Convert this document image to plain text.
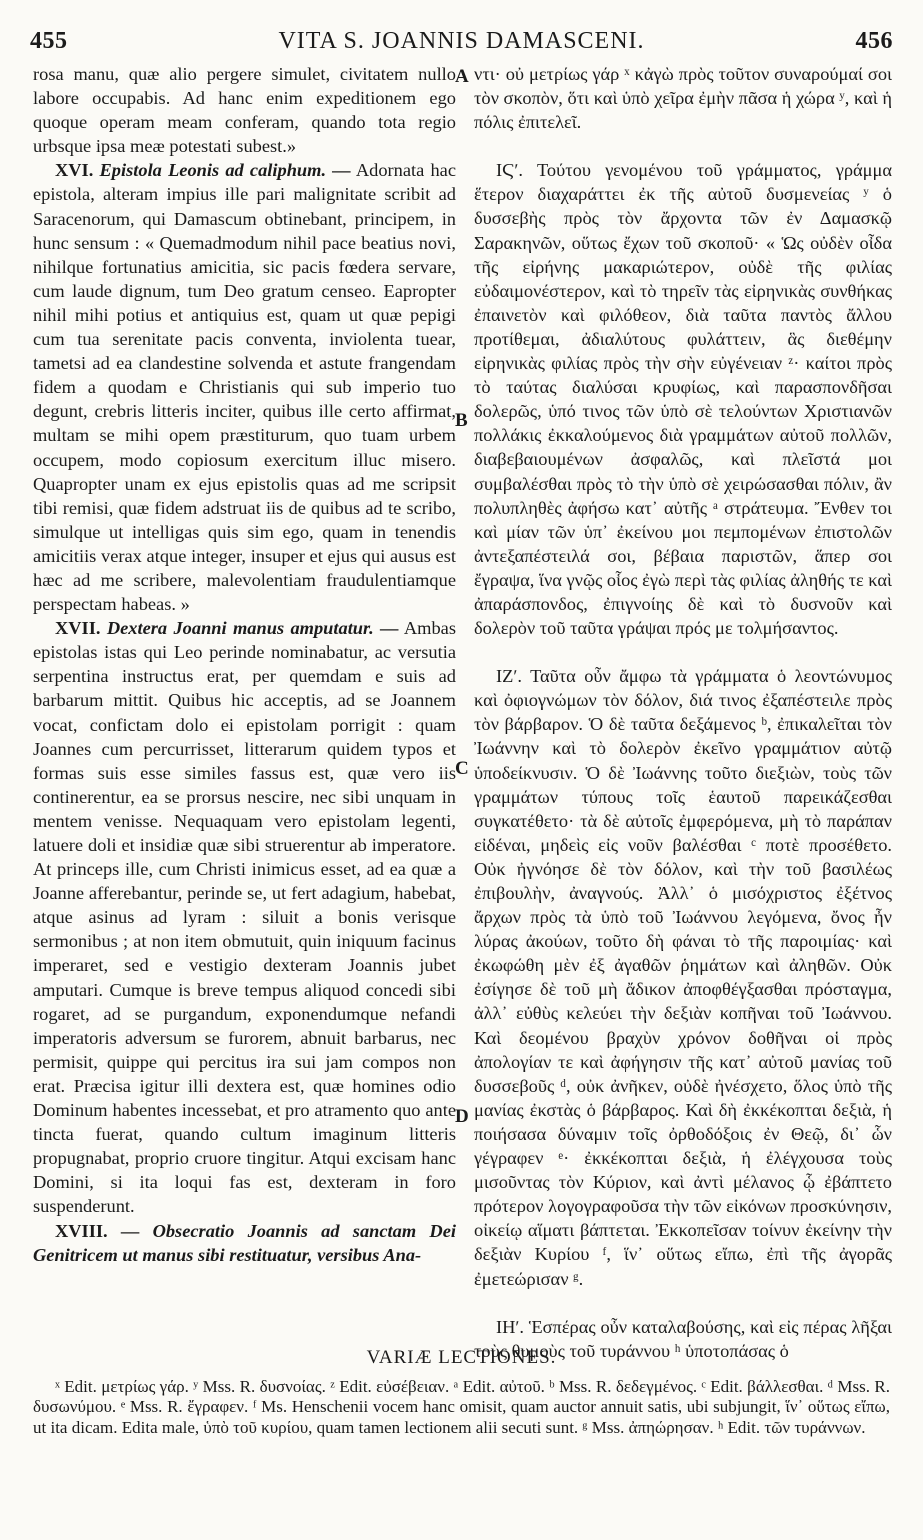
455	VITA S. JOANNIS DAMASCENI.	456

rosa manu, quæ alio pergere simulet, civitatem nullo labore occupabis. Ad hanc enim expeditionem ego quoque operam meam conferam, quando tota regio urbsque ipsa meæ potestati subest.»

XVI. Epistola Leonis ad caliphum. — Adornata hac epistola, alteram impius ille pari malignitate scribit ad Saracenorum, qui Damascum obtinebant, principem, in hunc sensum : « Quemadmodum nihil pace beatius novi, nihilque fortunatius amicitia, sic pacis fœdera servare, cum laude dignum, tum Deo gratum censeo. Eapropter nihil mihi potius et antiquius est, quam ut quæ pepigi cum tua serenitate pacis conventa, inviolenta tuear, tametsi ad ea clandestine solvenda et astute frangendam fidem a quodam e Christianis qui sub imperio tuo degunt, crebris litteris inciter, quibus ille certo affirmat, multam se mihi opem præstiturum, quo tuam urbem occupem, modo copiosum exercitum illuc misero. Quapropter unam ex ejus epistolis quas ad me scripsit tibi remisi, quæ fidem adstruat iis de quibus ad te scribo, simulque ut intelligas quis sim ego, quam in tenendis amicitiis verax atque integer, insuper et ejus qui ausus est hæc ad me scribere, malevolentiam fraudulentiamque perspectam habeas. »

XVII. Dextera Joanni manus amputatur. — Ambas epistolas istas qui Leo perinde nominabatur, ac versutia serpentina instructus erat, per quemdam e suis ad barbarum mittit. Quibus hic acceptis, ad se Joannem vocat, confictam dolo ei epistolam porrigit : quam Joannes cum percurrisset, litterarum quidem typos et formas suis esse similes fassus est, quæ vero iis continerentur, ea se prorsus nescire, nec sibi unquam in mentem venisse. Nequaquam vero epistolam legenti, latuere doli et insidiæ quæ sibi struerentur ab imperatore. At princeps ille, cum Christi inimicus esset, ad ea quæ a Joanne afferebantur, perinde se, ut fert adagium, habebat, atque asinus ad lyram : siluit a bonis verisque sermonibus ; at non item obmutuit, quin iniquum facinus imperaret, sed e vestigio dexteram Joannis jubet amputari. Cumque is breve tempus aliquod concedi sibi rogaret, ad se purgandum, exponendumque nefandi imperatoris adversum se furorem, abnuit barbarus, nec permisit, quippe qui percitus ira sui jam compos non erat. Præcisa igitur illi dextera est, quæ homines odio Dominum habentes incessebat, et pro atramento quo ante tincta fuerat, quando cultum imaginum litteris propugnabat, proprio cruore tingitur. Atqui excisam hanc Domini, si ita loqui fas est, dexteram in foro suspenderunt.

XVIII. — Obsecratio Joannis ad sanctam Dei Genitricem ut manus sibi restituatur, versibus Ana-

A
B
C
D

ντι· οὐ μετρίως γάρ ˣ κἀγὼ πρὸς τοῦτον συναρούμαί σοι τὸν σκοπὸν, ὅτι καὶ ὑπὸ χεῖρα ἐμὴν πᾶσα ἡ χώρα ʸ, καὶ ἡ πόλις ἐπιτελεῖ.

ΙϚʹ. Τούτου γενομένου τοῦ γράμματος, γράμμα ἕτερον διαχαράττει ἐκ τῆς αὐτοῦ δυσμενείας ʸ ὁ δυσσεβὴς πρὸς τὸν ἄρχοντα τῶν ἐν Δαμασκῷ Σαρακηνῶν, οὕτως ἔχων τοῦ σκοποῦ· « Ὡς οὐδὲν οἶδα τῆς εἰρήνης μακαριώτερον, οὐδὲ τῆς φιλίας εὐδαιμονέστερον, καὶ τὸ τηρεῖν τὰς εἰρηνικὰς συνθήκας ἐπαινετὸν καὶ φιλόθεον, διὰ ταῦτα παντὸς ἄλλου προτίθεμαι, ἀδιαλύτους φυλάττειν, ἃς διεθέμην εἰρηνικὰς φιλίας πρὸς τὴν σὴν εὐγένειαν ᶻ· καίτοι πρὸς τὸ ταύτας διαλύσαι κρυφίως, καὶ παρασπονδῆσαι δολερῶς, ὑπό τινος τῶν ὑπὸ σὲ τελούντων Χριστιανῶν πολλάκις ἐκκαλούμενος διὰ γραμμάτων αὐτοῦ πολλῶν, διαβεβαιουμένων ἀσφαλῶς, καὶ πλεῖστά μοι συμβαλέσθαι πρὸς τὸ τὴν ὑπὸ σὲ χειρώσασθαι πόλιν, ἂν πολυπληθὲς ἀφήσω κατ᾽ αὐτῆς ᵃ στράτευμα. Ἔνθεν τοι καὶ μίαν τῶν ὑπ᾽ ἐκείνου μοι πεμπομένων ἐπιστολῶν ἀντεξαπέστειλά σοι, βέβαια παριστῶν, ἅπερ σοι ἔγραψα, ἵνα γνῷς οἷος ἐγὼ περὶ τὰς φιλίας ἀληθής τε καὶ ἀπαράσπονδος, ἐπιγνοίης δὲ καὶ τὸ δυσνοῦν καὶ δολερὸν τοῦ ταῦτα γράψαι πρός με τολμήσαντος.

ΙΖʹ. Ταῦτα οὖν ἄμφω τὰ γράμματα ὁ λεοντώνυμος καὶ ὀφιογνώμων τὸν δόλον, διά τινος ἐξαπέστειλε πρὸς τὸν βάρβαρον. Ὁ δὲ ταῦτα δεξάμενος ᵇ, ἐπικαλεῖται τὸν Ἰωάννην καὶ τὸ δολερὸν ἐκεῖνο γραμμάτιον αὐτῷ ὑποδείκνυσιν. Ὁ δὲ Ἰωάννης τοῦτο διεξιὼν, τοὺς τῶν γραμμάτων τύπους τοῖς ἑαυτοῦ παρεικάζεσθαι συγκατέθετο· τὰ δὲ αὐτοῖς ἐμφερόμενα, μὴ τὸ παράπαν εἰδέναι, μηδεὶς εἰς νοῦν βαλέσθαι ᶜ ποτὲ προσέθετο. Οὐκ ἠγνόησε δὲ τὸν δόλον, καὶ τὴν τοῦ βασιλέως ἐπιβουλὴν, ἀναγνούς. Ἀλλ᾽ ὁ μισόχριστος ἐξέτνος ἄρχων πρὸς τὰ ὑπὸ τοῦ Ἰωάννου λεγόμενα, ὄνος ἦν λύρας ἀκούων, τοῦτο δὴ φάναι τὸ τῆς παροιμίας· καὶ ἐκωφώθη μὲν ἐξ ἀγαθῶν ῥημάτων καὶ ἀληθῶν. Οὐκ ἐσίγησε δὲ τοῦ μὴ ἄδικον ἀποφθέγξασθαι πρόσταγμα, ἀλλ᾽ εὐθὺς κελεύει τὴν δεξιὰν κοπῆναι τοῦ Ἰωάννου. Καὶ δεομένου βραχὺν χρόνον δοθῆναι οἱ πρὸς ἀπολογίαν τε καὶ ἀφήγησιν τῆς κατ᾽ αὐτοῦ μανίας τοῦ δυσσεβοῦς ᵈ, οὐκ ἀνῆκεν, οὐδὲ ἠνέσχετο, ὅλος ὑπὸ τῆς μανίας ἐκστὰς ὁ βάρβαρος. Καὶ δὴ ἐκκέκοπται δεξιὰ, ἡ ποιήσασα δύναμιν τοῖς ὀρθοδόξοις ἐν Θεῷ, δι᾽ ὧν γέγραφεν ᵉ· ἐκκέκοπται δεξιὰ, ἡ ἐλέγχουσα τοὺς μισοῦντας τὸν Κύριον, καὶ ἀντὶ μέλανος ᾧ ἐβάπτετο πρότερον λογογραφοῦσα τὴν τῶν εἰκόνων προσκύνησιν, οἰκείῳ αἵματι βάπτεται. Ἐκκοπεῖσαν τοίνυν ἐκείνην τὴν δεξιὰν Κυρίου ᶠ, ἵν᾽ οὕτως εἴπω, ἐπὶ τῆς ἀγορᾶς ἐμετεώρισαν ᵍ.

ΙΗʹ. Ἑσπέρας οὖν καταλαβούσης, καὶ εἰς πέρας λῆξαι τοὺς θυμοὺς τοῦ τυράννου ʰ ὑποτοπάσας ὁ

VARIÆ LECTIONES.
ˣ Edit. μετρίως γάρ. ʸ Mss. R. δυσνοίας. ᶻ Edit. εὐσέβειαν. ᵃ Edit. αὐτοῦ. ᵇ Mss. R. δεδεγμένος. ᶜ Edit. βάλλεσθαι. ᵈ Mss. R. δυσωνύμου. ᵉ Mss. R. ἔγραφεν. ᶠ Ms. Henschenii vocem hanc omisit, quam auctor annuit satis, ubi subjungit, ἵν᾽ οὕτως εἴπω, ut ita dicam. Edita male, ὑπὸ τοῦ κυρίου, quam tamen lectionem alii secuti sunt. ᵍ Mss. ἀπηώρησαν. ʰ Edit. τῶν τυράννων.
